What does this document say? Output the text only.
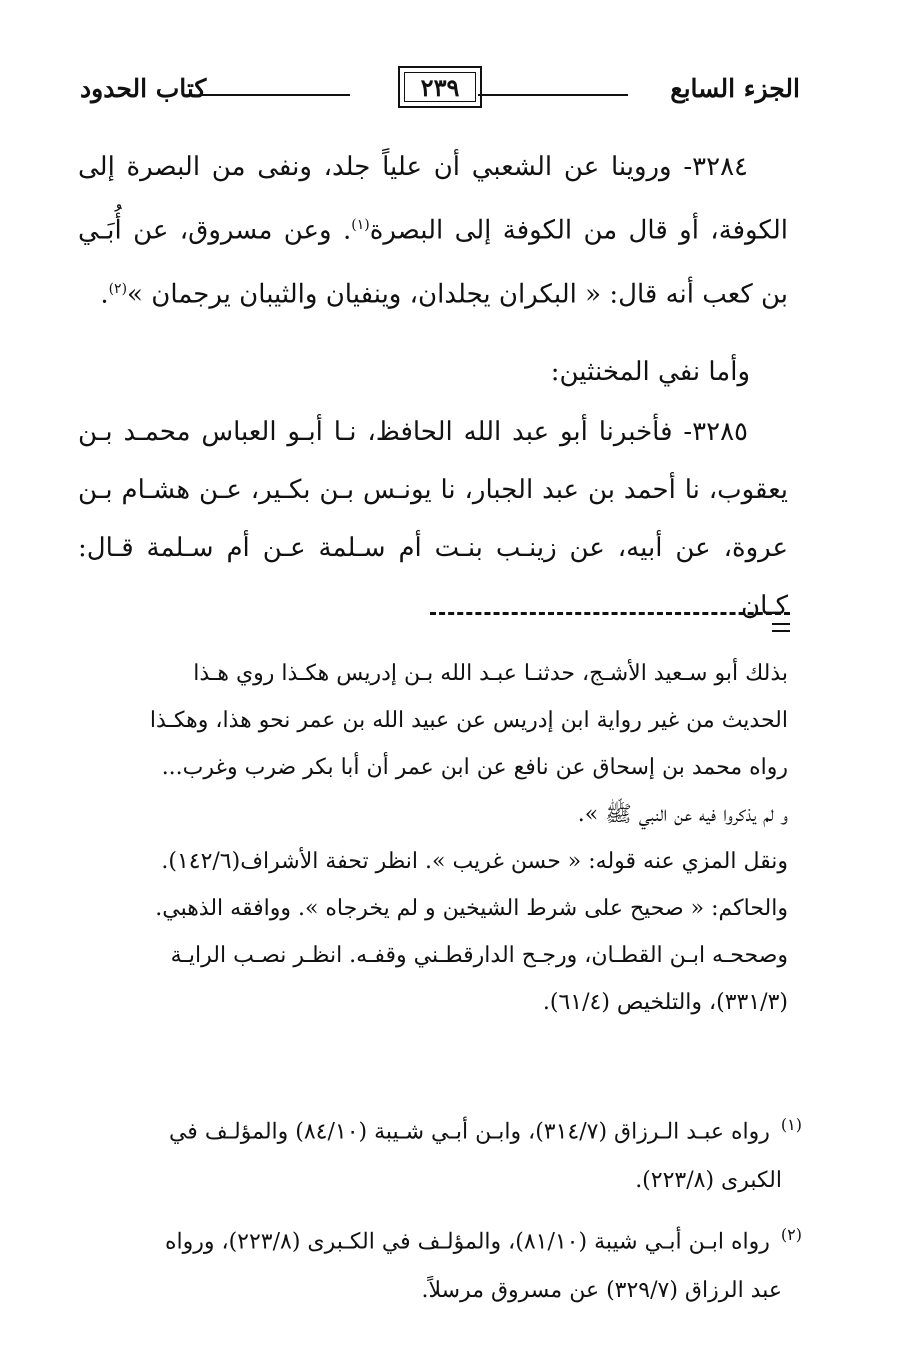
الجزء السابع
٢٣٩
كتاب الحدود

٣٢٨٤- وروينا عن الشعبي أن علياً جلد، ونفى من البصرة إلى الكوفة، أو قال من الكوفة إلى البصرة$^{(١)}$. وعن مسروق، عن أُبَـي بن كعب أنه قال: « البكران يجلدان، وينفيان والثيبان يرجمان »$^{(٢)}$.

وأما نفي المخنثين:

٣٢٨٥- فأخبرنا أبو عبد الله الحافظ، نـا أبـو العباس محمـد بـن يعقوب، نا أحمد بن عبد الجبار، نا يونـس بـن بكـير، عـن هشـام بـن عروة، عن أبيه، عن زينـب بنـت أم سـلمة عـن أم سـلمة قـال: كـان

بذلك أبو سـعيد الأشـج، حدثنـا عبـد الله بـن إدريس هكـذا روي هـذا

الحديث من غير رواية ابن إدريس عن عبيد الله بن عمر نحو هذا، وهكـذا

رواه محمد بن إسحاق عن نافع عن ابن عمر أن أبا بكر ضرب وغرب...

و لم يذكروا فيه عن النبي ﷺ ».

ونقل المزي عنه قوله: « حسن غريب ». انظر تحفة الأشراف(١٤٢/٦).

والحاكم: « صحيح على شرط الشيخين و لم يخرجاه ». ووافقه الذهبي.

وصححـه ابـن القطـان، ورجـح الدارقطـني وقفـه. انظـر نصـب الرايـة

(٣٣١/٣)، والتلخيص (٦١/٤).

$^{(١)}$ رواه عبـد الـرزاق (٣١٤/٧)، وابـن أبـي شـيبة (٨٤/١٠) والمؤلـف في

الكبرى (٢٢٣/٨).

$^{(٢)}$ رواه ابـن أبـي شيبة (٨١/١٠)، والمؤلـف في الكـبرى (٢٢٣/٨)، ورواه

عبد الرزاق (٣٢٩/٧) عن مسروق مرسلاً.
